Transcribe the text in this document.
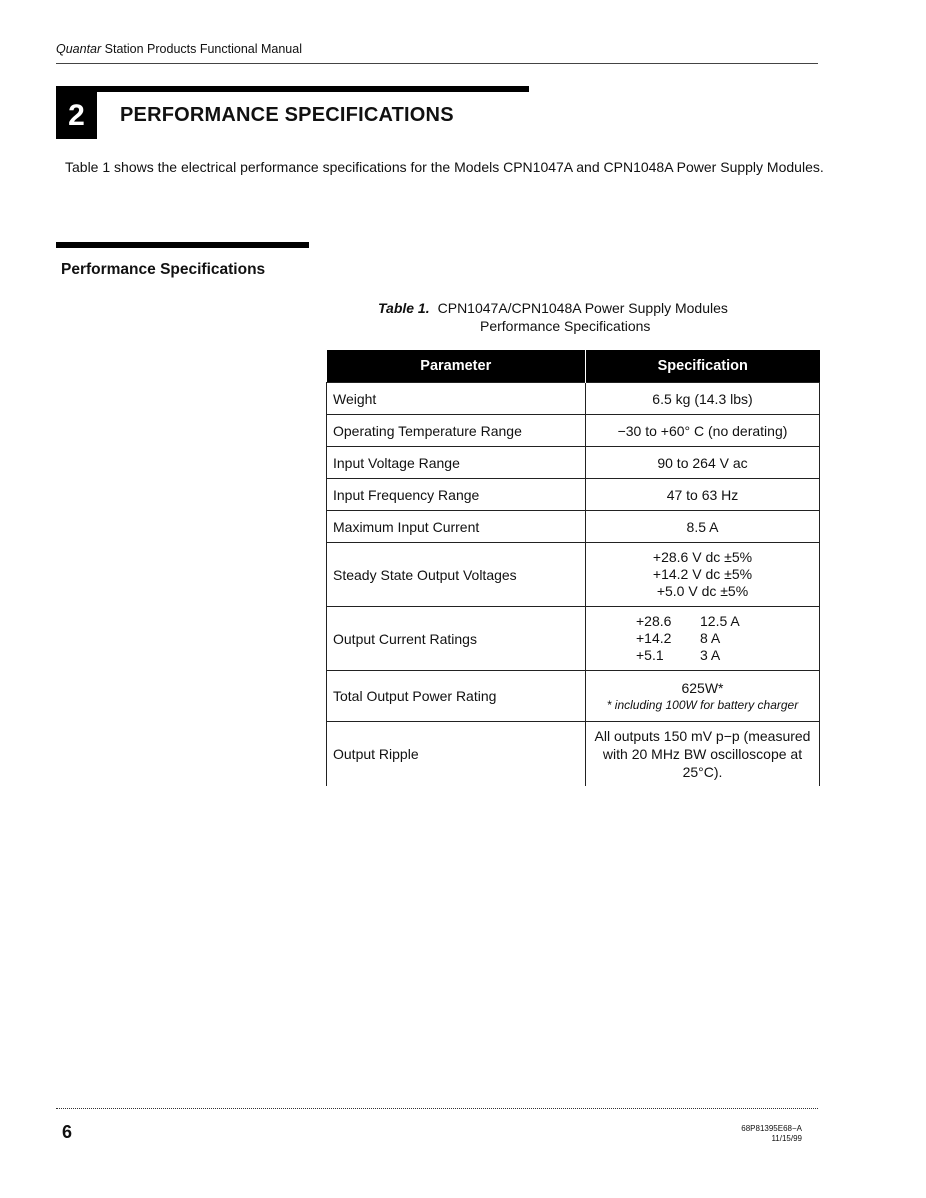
Quantar Station Products Functional Manual
2	PERFORMANCE SPECIFICATIONS
Table 1 shows the electrical performance specifications for the Models CPN1047A and CPN1048A Power Supply Modules.
Performance Specifications
Table 1. CPN1047A/CPN1048A Power Supply Modules
Performance Specifications
Parameter	Specification
Weight	6.5 kg (14.3 lbs)
Operating Temperature Range	−30 to +60° C (no derating)
Input Voltage Range	90 to 264 V ac
Input Frequency Range	47 to 63 Hz
Maximum Input Current	8.5 A
Steady State Output Voltages	+28.6 V dc ±5%
+14.2 V dc ±5%
+5.0 V dc ±5%

Output Current Ratings	+28.6 12.5 A
+14.2 8 A
+5.1 3 A

Total Output Power Rating	625W*
* including 100W for battery charger

Output Ripple	All outputs 150 mV p−p (measured with 20 MHz BW oscilloscope at 25°C).
6	68P81395E68−A
11/15/99
